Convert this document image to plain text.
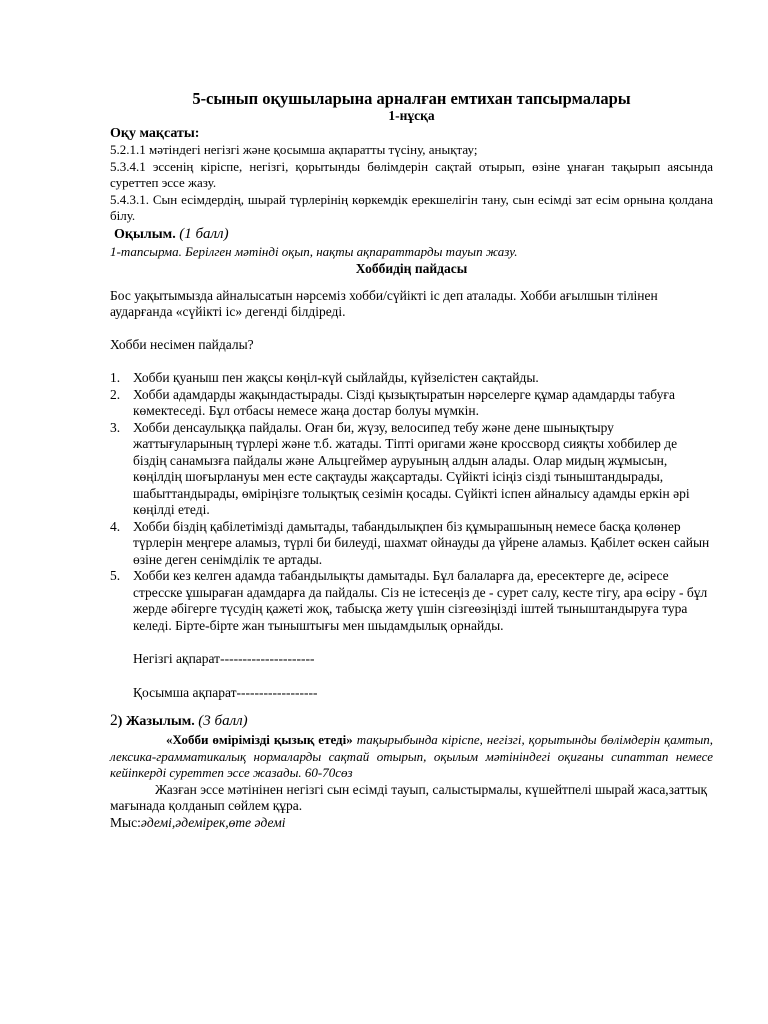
5-сынып оқушыларына арналған емтихан тапсырмалары

1-нұсқа

Оқу мақсаты:

5.2.1.1 мәтіндегі негізгі және қосымша ақпаратты түсіну, анықтау;

5.3.4.1 эссенің кіріспе, негізгі, қорытынды бөлімдерін сақтай отырып, өзіне ұнаған тақырып аясында суреттеп эссе жазу.

5.4.3.1. Сын есімдердің, шырай түрлерінің көркемдік ерекшелігін тану, сын есімді зат есім орнына қолдана білу.

Оқылым. (1 балл)

1-тапсырма. Берілген мәтінді оқып, нақты ақпараттарды тауып жазу.

Хоббидің пайдасы

Бос уақытымызда айналысатын нәрсеміз хобби/сүйікті іс деп аталады. Хобби ағылшын тілінен аударғанда «сүйікті іс» дегенді білдіреді.

Хобби несімен пайдалы?

1. Хобби қуаныш пен жақсы көңіл-күй сыйлайды, күйзелістен сақтайды.
2. Хобби адамдарды жақындастырады. Сізді қызықтыратын нәрселерге құмар адамдарды табуға көмектеседі. Бұл отбасы немесе жаңа достар болуы мүмкін.
3. Хобби денсаулыққа пайдалы. Оған би, жүзу, велосипед тебу және дене шынықтыру жаттығуларының түрлері және т.б. жатады. Тіпті оригами және кроссворд сияқты хоббилер де біздің санамызға пайдалы және Альцгеймер ауруының алдын алады. Олар мидың жұмысын, көңілдің шоғырлануы мен есте сақтауды жақсартады. Сүйікті ісіңіз сізді тыныштандырады, шабыттандырады, өміріңізге толықтық сезімін қосады. Сүйікті іспен айналысу адамды еркін әрі көңілді етеді.
4. Хобби біздің қабілетімізді дамытады, табандылықпен біз құмырашының немесе басқа қолөнер түрлерін меңгере аламыз, түрлі би билеуді, шахмат ойнауды да үйрене аламыз. Қабілет өскен сайын өзіне деген сенімділік те артады.
5. Хобби кез келген адамда табандылықты дамытады. Бұл балаларға да, ересектерге де, әсіресе стресске ұшыраған адамдарға да пайдалы. Сіз не істесеңіз де - сурет салу, кесте тігу, ара өсіру - бұл жерде әбігерге түсудің қажеті жоқ, табысқа жету үшін сізгеөзіңізді іштей тыныштандыруға тура келеді. Бірте-бірте жан тыныштығы мен шыдамдылық орнайды.

Негізгі ақпарат---------------------

Қосымша ақпарат------------------

2) Жазылым. (3 балл)

«Хобби өмірімізді қызық етеді» тақырыбында кіріспе, негізгі, қорытынды бөлімдерін қамтып, лексика-грамматикалық нормаларды сақтай отырып, оқылым мәтініндегі оқиғаны сипаттап немесе кейіпкерді суреттеп эссе жазады. 60-70сөз

Жазған эссе мәтінінен негізгі сын есімді тауып, салыстырмалы, күшейтпелі шырай жаса,заттық мағынада қолданып сөйлем құра.

Мыс:әдемі,әдемірек,өте әдемі
